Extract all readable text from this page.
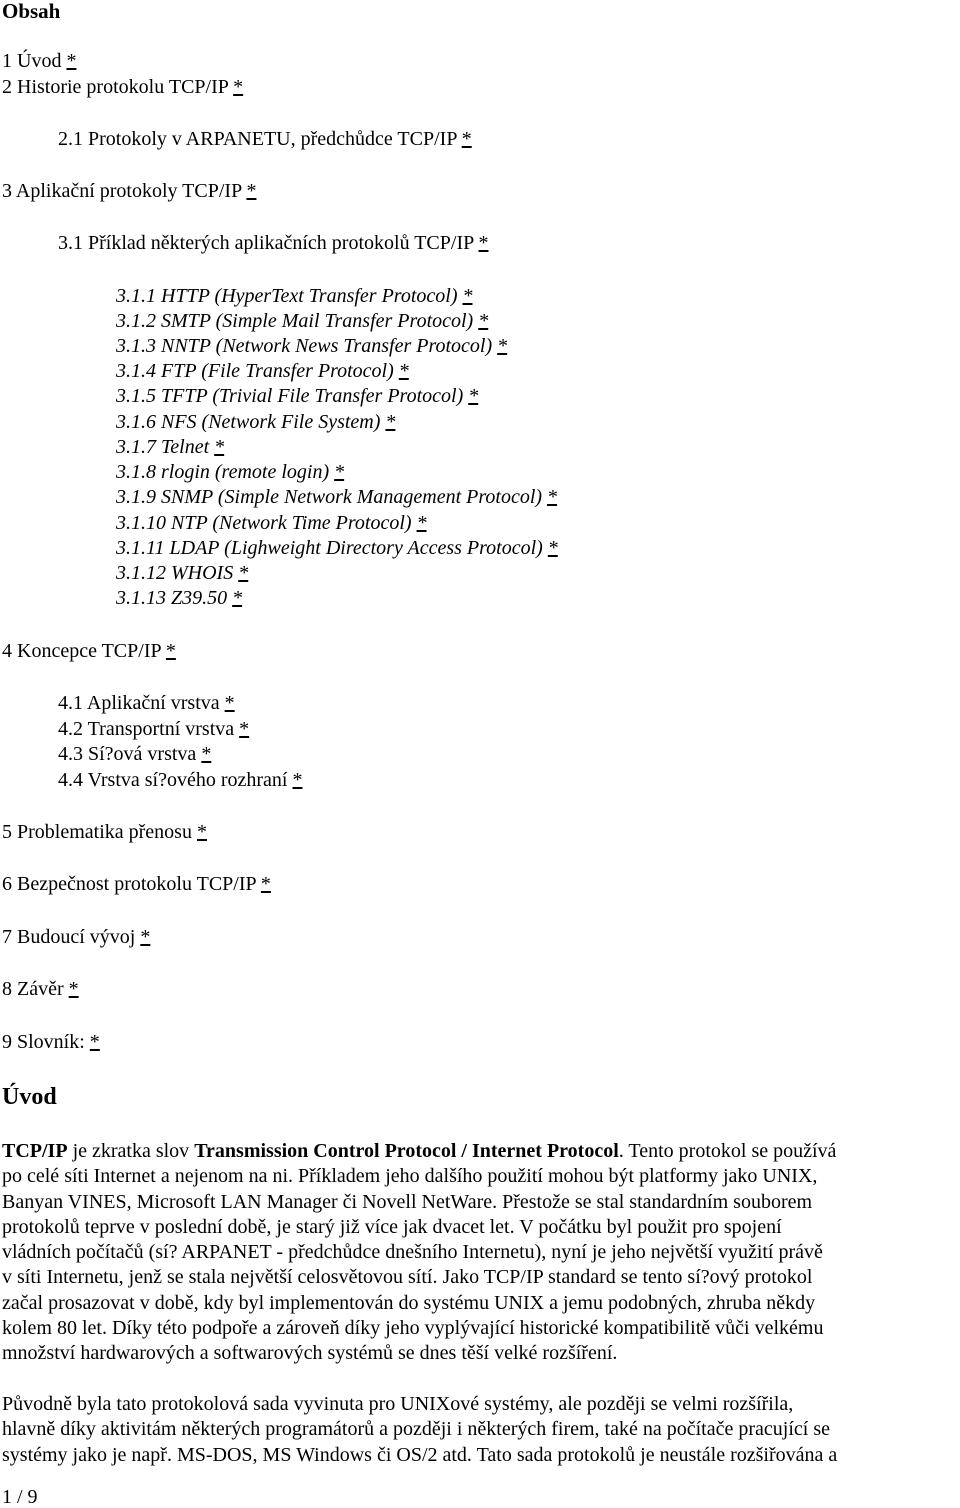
Obsah
1 Úvod *
2 Historie protokolu TCP/IP *
2.1 Protokoly v ARPANETU, předchůdce TCP/IP *
3 Aplikační protokoly TCP/IP *
3.1 Příklad některých aplikačních protokolů TCP/IP *
3.1.1 HTTP (HyperText Transfer Protocol) *
3.1.2 SMTP (Simple Mail Transfer Protocol) *
3.1.3 NNTP (Network News Transfer Protocol) *
3.1.4 FTP (File Transfer Protocol) *
3.1.5 TFTP (Trivial File Transfer Protocol) *
3.1.6 NFS (Network File System) *
3.1.7 Telnet *
3.1.8 rlogin (remote login) *
3.1.9 SNMP (Simple Network Management Protocol) *
3.1.10 NTP (Network Time Protocol) *
3.1.11 LDAP (Lighweight Directory Access Protocol) *
3.1.12 WHOIS *
3.1.13 Z39.50 *
4 Koncepce TCP/IP *
4.1 Aplikační vrstva *
4.2 Transportní vrstva *
4.3 Sí?ová vrstva *
4.4 Vrstva sí?ového rozhraní *
5 Problematika přenosu *
6 Bezpečnost protokolu TCP/IP *
7 Budoucí vývoj *
8 Závěr *
9 Slovník: *
Úvod
TCP/IP je zkratka slov Transmission Control Protocol / Internet Protocol. Tento protokol se používá
po celé síti Internet a nejenom na ni. Příkladem jeho dalšího použití mohou být platformy jako UNIX,
Banyan VINES, Microsoft LAN Manager či Novell NetWare. Přestože se stal standardním souborem
protokolů teprve v poslední době, je starý již více jak dvacet let. V počátku byl použit pro spojení
vládních počítačů (sí? ARPANET - předchůdce dnešního Internetu), nyní je jeho největší využití právě
v síti Internetu, jenž se stala největší celosvětovou sítí. Jako TCP/IP standard se tento sí?ový protokol
začal prosazovat v době, kdy byl implementován do systému UNIX a jemu podobných, zhruba někdy
kolem 80 let. Díky této podpoře a zároveň díky jeho vyplývající historické kompatibilitě vůči velkému
množství hardwarových a softwarových systémů se dnes těší velké rozšíření.
Původně byla tato protokolová sada vyvinuta pro UNIXové systémy, ale později se velmi rozšířila,
hlavně díky aktivitám některých programátorů a později i některých firem, také na počítače pracující se
systémy jako je např. MS-DOS, MS Windows či OS/2 atd. Tato sada protokolů je neustále rozšiřována a
1 / 9
